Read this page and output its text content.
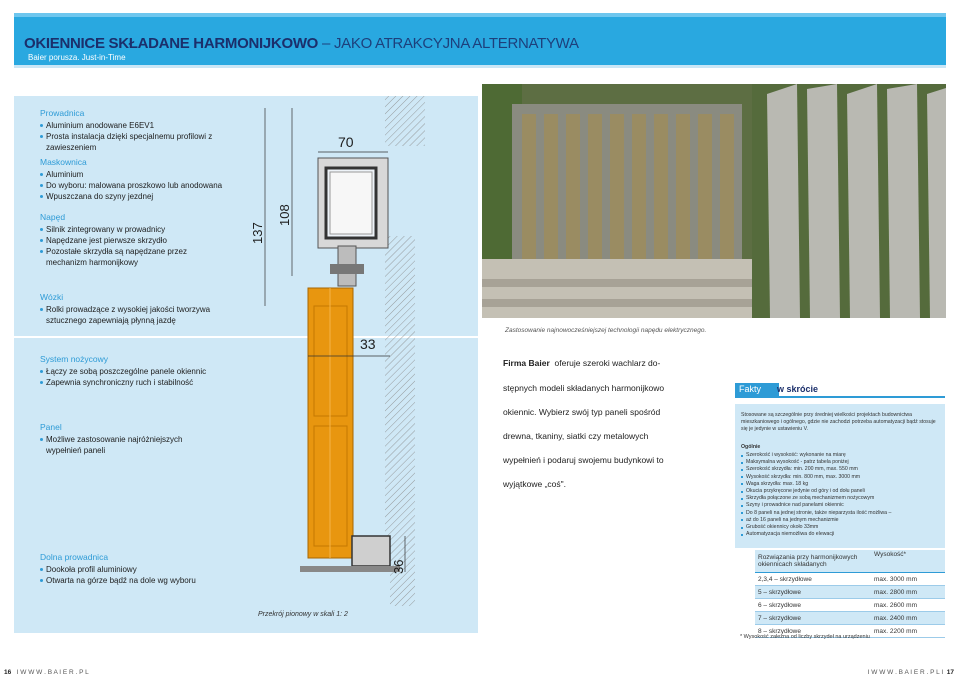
OKIENNICE SKŁADANE HARMONIJKOWO – JAKO ATRAKCYJNA ALTERNATYWA
Baier porusza. Just-in-Time
Prowadnica
Aluminium anodowane E6EV1
Prosta instalacja dzięki specjalnemu profilowi z zawieszeniem
Maskownica
Aluminium
Do wyboru: malowana proszkowo lub anodowana
Wpuszczana do szyny jezdnej
Napęd
Silnik zintegrowany w prowadnicy
Napędzane jest pierwsze skrzydło
Pozostałe skrzydła są napędzane przez mechanizm harmonijkowy
Wózki
Rolki prowadzące z wysokiej jakości tworzywa sztucznego zapewniają płynną jazdę
System nożycowy
Łączy ze sobą poszczególne panele okiennic
Zapewnia synchroniczny ruch i stabilność
Panel
Możliwe zastosowanie najróżniejszych wypełnień paneli
Dolna prowadnica
Dookoła profil aluminiowy
Otwarta na górze bądź na dole wg wyboru
70
137
108
33
36
Przekrój pionowy w skali 1: 2
Zastosowanie najnowocześniejszej technologii napędu elektrycznego.
Firma Baier oferuje szeroki wachlarz do-
stępnych modeli składanych harmonijkowo
okiennic. Wybierz swój typ paneli spośród
drewna, tkaniny, siatki czy metalowych
wypełnień i podaruj swojemu budynkowi to
wyjątkowe „coś".
Fakty	w skrócie
Stosowane są szczególnie przy średniej wielkości projektach budownictwa mieszkaniowego i ogólnego, gdzie nie zachodzi potrzeba automatyzacji bądź stosuje się je jedynie w ustawieniu V.
Ogólnie
Szerokość i wysokość: wykonanie na miarę
Maksymalna wysokość - patrz tabela poniżej
Szerokość skrzydła: min. 200 mm, max. 550 mm
Wysokość skrzydła: min. 800 mm, max. 3000 mm
Waga skrzydła: max. 18 kg
Okucia przykręcone jedynie od góry i od dołu paneli
Skrzydła połączone ze sobą mechanizmem nożycowym
Szyny i prowadnice nad panelami okiennic
Do 8 paneli na jednej stronie, także nieparzysta ilość możliwa –
aż do 16 paneli na jednym mechanizmie
Grubość okiennicy około 33mm
Automatyzacja niemożliwa do elewacji
Rozwiązania przy harmonijkowych okiennicach składanych	Wysokość*
2,3,4 – skrzydłowe	max. 3000 mm
5 – skrzydłowe	max. 2800 mm
6 – skrzydłowe	max. 2600 mm
7 – skrzydłowe	max. 2400 mm
8 – skrzydłowe	max. 2200 mm
* Wysokość zależna od liczby skrzydeł na urządzeniu
16 I W W W . B A I E R . P L	I W W W . B A I E R . P L I 17
